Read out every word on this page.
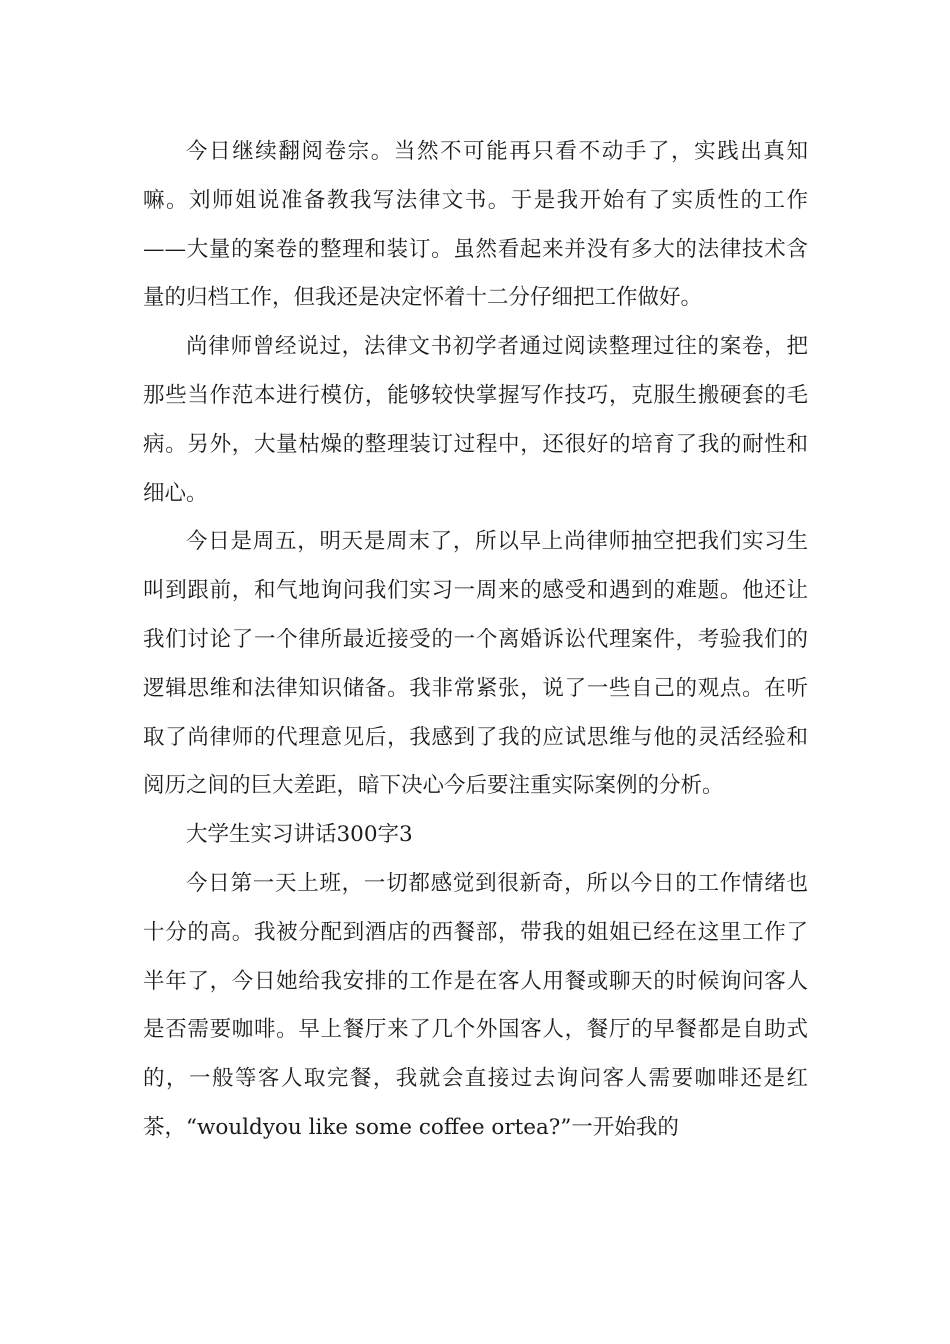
今日继续翻阅卷宗。当然不可能再只看不动手了，实践出真知嘛。刘师姐说准备教我写法律文书。于是我开始有了实质性的工作——大量的案卷的整理和装订。虽然看起来并没有多大的法律技术含量的归档工作，但我还是决定怀着十二分仔细把工作做好。

尚律师曾经说过，法律文书初学者通过阅读整理过往的案卷，把那些当作范本进行模仿，能够较快掌握写作技巧，克服生搬硬套的毛病。另外，大量枯燥的整理装订过程中，还很好的培育了我的耐性和细心。

今日是周五，明天是周末了，所以早上尚律师抽空把我们实习生叫到跟前，和气地询问我们实习一周来的感受和遇到的难题。他还让我们讨论了一个律所最近接受的一个离婚诉讼代理案件，考验我们的逻辑思维和法律知识储备。我非常紧张，说了一些自己的观点。在听取了尚律师的代理意见后，我感到了我的应试思维与他的灵活经验和阅历之间的巨大差距，暗下决心今后要注重实际案例的分析。

大学生实习讲话300字3

今日第一天上班，一切都感觉到很新奇，所以今日的工作情绪也十分的高。我被分配到酒店的西餐部，带我的姐姐已经在这里工作了半年了，今日她给我安排的工作是在客人用餐或聊天的时候询问客人是否需要咖啡。早上餐厅来了几个外国客人，餐厅的早餐都是自助式的，一般等客人取完餐，我就会直接过去询问客人需要咖啡还是红茶，“wouldyou like some coffee ortea?”一开始我的
